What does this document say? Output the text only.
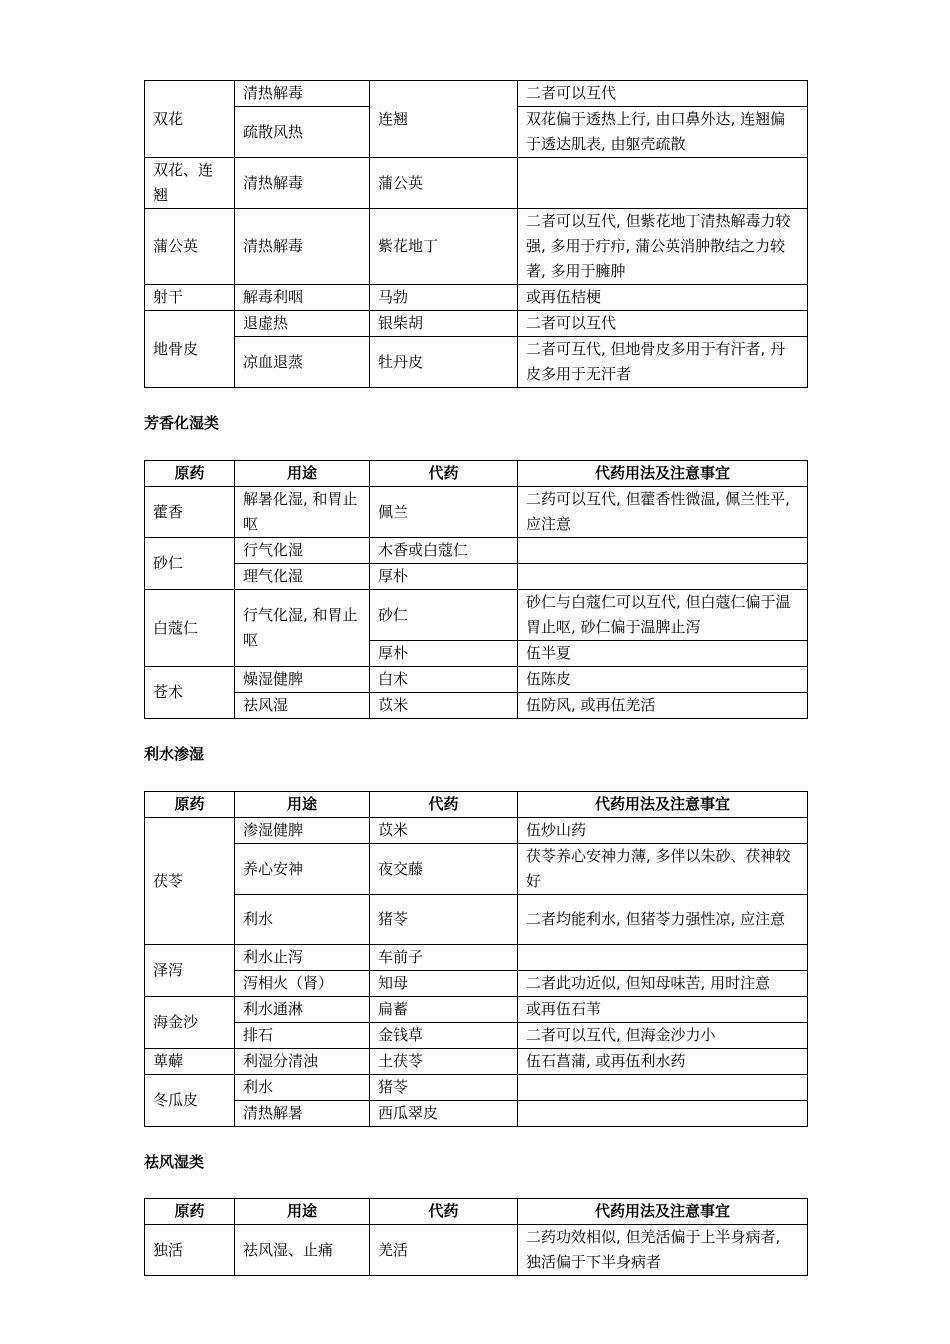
双花	清热解毒	连翘	二者可以互代
	疏散风热		双花偏于透热上行, 由口鼻外达, 连翘偏于透达肌表, 由躯壳疏散
双花、连翘	清热解毒	蒲公英	
蒲公英	清热解毒	紫花地丁	二者可以互代, 但紫花地丁清热解毒力较强, 多用于疔疖, 蒲公英消肿散结之力较著, 多用于臃肿
射干	解毒利咽	马勃	或再伍桔梗
地骨皮	退虚热	银柴胡	二者可以互代
	凉血退蒸	牡丹皮	二者可互代, 但地骨皮多用于有汗者, 丹皮多用于无汗者

芳香化湿类

原药	用途	代药	代药用法及注意事宜
藿香	解暑化湿, 和胃止呕	佩兰	二药可以互代, 但藿香性微温, 佩兰性平, 应注意
砂仁	行气化湿	木香或白蔻仁	
	理气化湿	厚朴	
白蔻仁	行气化湿, 和胃止呕	砂仁	砂仁与白蔻仁可以互代, 但白蔻仁偏于温胃止呕, 砂仁偏于温脾止泻
		厚朴	伍半夏
苍术	燥湿健脾	白术	伍陈皮
	祛风湿	苡米	伍防风, 或再伍羌活

利水渗湿

原药	用途	代药	代药用法及注意事宜
茯苓	渗湿健脾	苡米	伍炒山药
	养心安神	夜交藤	茯苓养心安神力薄, 多伴以朱砂、茯神较好
	利水	猪苓	二者均能利水, 但猪苓力强性凉, 应注意
泽泻	利水止泻	车前子	
	泻相火（肾）	知母	二者此功近似, 但知母味苦, 用时注意
海金沙	利水通淋	扁蓄	或再伍石苇
	排石	金钱草	二者可以互代, 但海金沙力小
萆薢	利湿分清浊	土茯苓	伍石菖蒲, 或再伍利水药
冬瓜皮	利水	猪苓	
	清热解暑	西瓜翠皮	

祛风湿类

原药	用途	代药	代药用法及注意事宜
独活	祛风湿、止痛	羌活	二药功效相似, 但羌活偏于上半身病者, 独活偏于下半身病者
